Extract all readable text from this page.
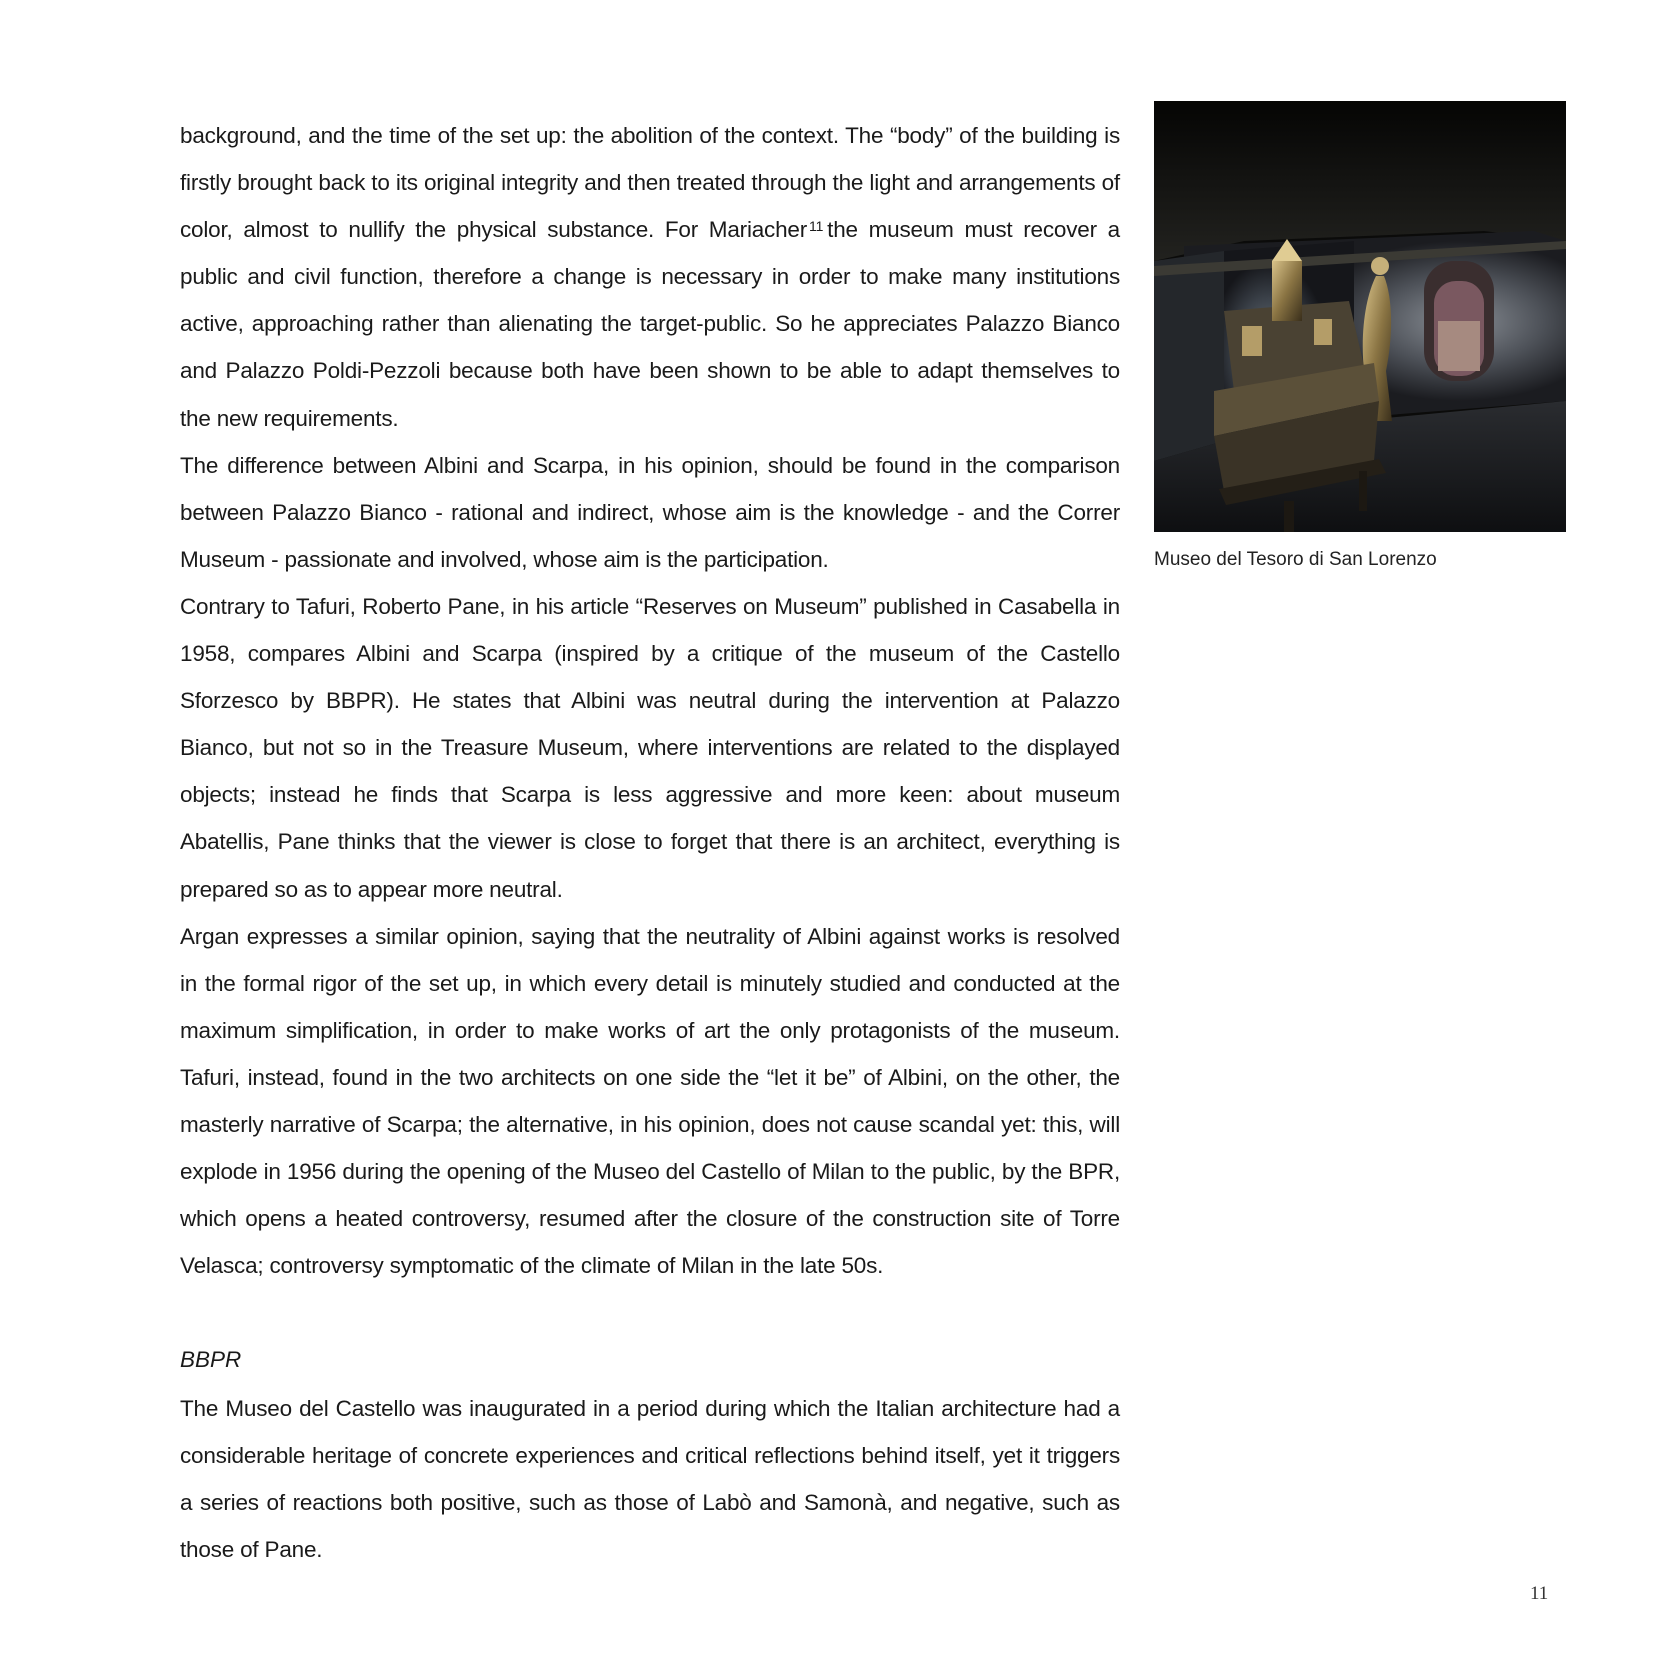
background, and the time of the set up: the abolition of the context. The “body” of the building is firstly brought back to its original integrity and then treated through the light and arrangements of color, almost to nullify the physical substance. For Mariacher $^{11}$ the museum must recover a public and civil function, therefore a change is necessary in order to make many institutions active, approaching rather than alienating the target-public. So he appreciates Palazzo Bianco and Palazzo Poldi-Pezzoli because both have been shown to be able to adapt themselves to the new requirements.

The difference between Albini and Scarpa, in his opinion, should be found in the comparison between Palazzo Bianco - rational and indirect, whose aim is the knowledge - and the Correr Museum - passionate and involved, whose aim is the participation.

Contrary to Tafuri, Roberto Pane, in his article “Reserves on Museum” published in Casabella in 1958, compares Albini and Scarpa (inspired by a critique of the museum of the Castello Sforzesco by BBPR). He states that Albini was neutral during the intervention at Palazzo Bianco, but not so in the Treasure Museum, where interventions are related to the displayed objects; instead he finds that Scarpa is less aggressive and more keen: about museum Abatellis, Pane thinks that the viewer is close to forget that there is an architect, everything is prepared so as to appear more neutral.

Argan expresses a similar opinion, saying that the neutrality of Albini against works is resolved in the formal rigor of the set up, in which every detail is minutely studied and conducted at the maximum simplification, in order to make works of art the only protagonists of the museum. Tafuri, instead, found in the two architects on one side the “let it be” of Albini, on the other, the masterly narrative of Scarpa; the alternative, in his opinion, does not cause scandal yet: this, will explode in 1956 during the opening of the Museo del Castello of Milan to the public, by the BPR, which opens a heated controversy, resumed after the closure of the construction site of Torre Velasca; controversy symptomatic of the climate of Milan in the late 50s.

BBPR

The Museo del Castello was inaugurated in a period during which the Italian architecture had a considerable heritage of concrete experiences and critical reflections behind itself, yet it triggers a series of reactions both positive, such as those of Labò and Samonà, and negative, such as those of Pane.

Museo del Tesoro di San Lorenzo
11
